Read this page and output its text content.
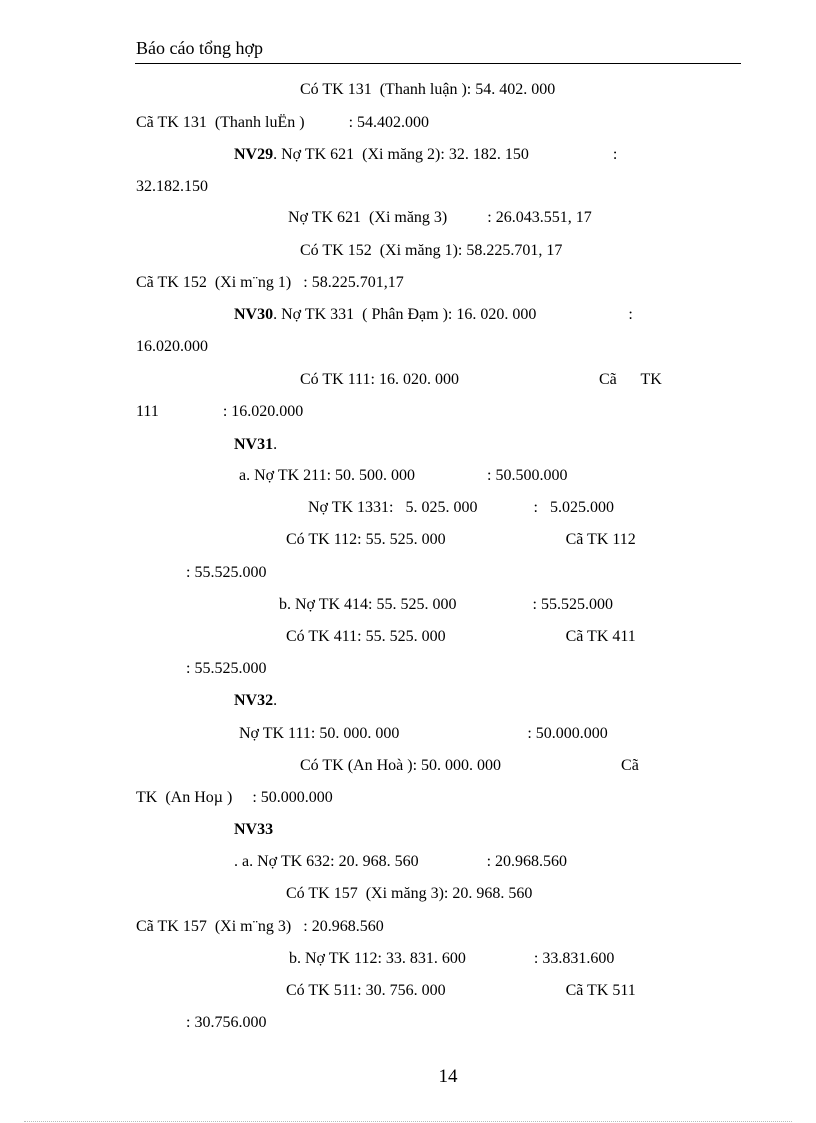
Báo cáo tổng hợp
Có TK 131  (Thanh luận ): 54. 402. 000
Cã TK 131  (Thanh luËn )           : 54.402.000
NV29. Nợ TK 621  (Xi măng 2): 32. 182. 150                     :
32.182.150
Nợ TK 621  (Xi măng 3)          : 26.043.551, 17
Có TK 152  (Xi măng 1): 58.225.701, 17
Cã TK 152  (Xi m¨ng 1)   : 58.225.701,17
NV30. Nợ TK 331  ( Phân Đạm ): 16. 020. 000                       :
16.020.000
Có TK 111: 16. 020. 000                                   Cã      TK
111                : 16.020.000
NV31.
a. Nợ TK 211: 50. 500. 000                  : 50.500.000
Nợ TK 1331:   5. 025. 000              :   5.025.000
Có TK 112: 55. 525. 000                              Cã TK 112
: 55.525.000
b. Nợ TK 414: 55. 525. 000                   : 55.525.000
Có TK 411: 55. 525. 000                              Cã TK 411
: 55.525.000
NV32.
Nợ TK 111: 50. 000. 000                                : 50.000.000
Có TK (An Hoà ): 50. 000. 000                              Cã
TK  (An Hoµ )     : 50.000.000
NV33
. a. Nợ TK 632: 20. 968. 560                 : 20.968.560
Có TK 157  (Xi măng 3): 20. 968. 560
Cã TK 157  (Xi m¨ng 3)   : 20.968.560
b. Nợ TK 112: 33. 831. 600                 : 33.831.600
Có TK 511: 30. 756. 000                              Cã TK 511
: 30.756.000
14
